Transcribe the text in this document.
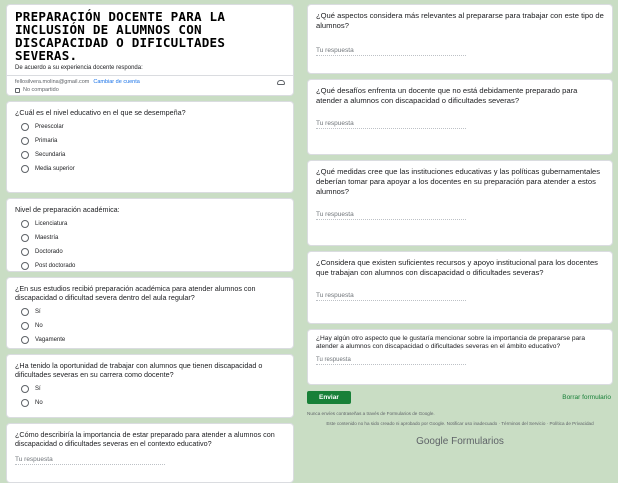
PREPARACIÓN DOCENTE PARA LA INCLUSIÓN DE ALUMNOS CON DISCAPACIDAD O DIFICULTADES SEVERAS.
De acuerdo a su experiencia docente responda:
fellosilvera.molina@gmail.com Cambiar de cuenta
No compartido
¿Cuál es el nivel educativo en el que se desempeña?
Preescolar
Primaria
Secundaria
Media superior
Nivel de preparación académica:
Licenciatura
Maestría
Doctorado
Post doctorado
¿En sus estudios recibió preparación académica para atender alumnos con discapacidad o dificultad severa dentro del aula regular?
Sí
No
Vagamente
¿Ha tenido la oportunidad de trabajar con alumnos que tienen discapacidad o dificultades severas en su carrera como docente?
Sí
No
¿Cómo describiría la importancia de estar preparado para atender a alumnos con discapacidad o dificultades severas en el contexto educativo?
Tu respuesta
¿Qué aspectos considera más relevantes al prepararse para trabajar con este tipo de alumnos?
Tu respuesta
¿Qué desafíos enfrenta un docente que no está debidamente preparado para atender a alumnos con discapacidad o dificultades severas?
Tu respuesta
¿Qué medidas cree que las instituciones educativas y las políticas gubernamentales deberían tomar para apoyar a los docentes en su preparación para atender a estos alumnos?
Tu respuesta
¿Considera que existen suficientes recursos y apoyo institucional para los docentes que trabajan con alumnos con discapacidad o dificultades severas?
Tu respuesta
¿Hay algún otro aspecto que le gustaría mencionar sobre la importancia de prepararse para atender a alumnos con discapacidad o dificultades severas en el ámbito educativo?
Tu respuesta
Enviar	Borrar formulario
Nunca envíes contraseñas a través de Formularios de Google.
Este contenido no ha sido creado ni aprobado por Google. Notificar uso inadecuado · Términos del Servicio · Política de Privacidad
Google Formularios
